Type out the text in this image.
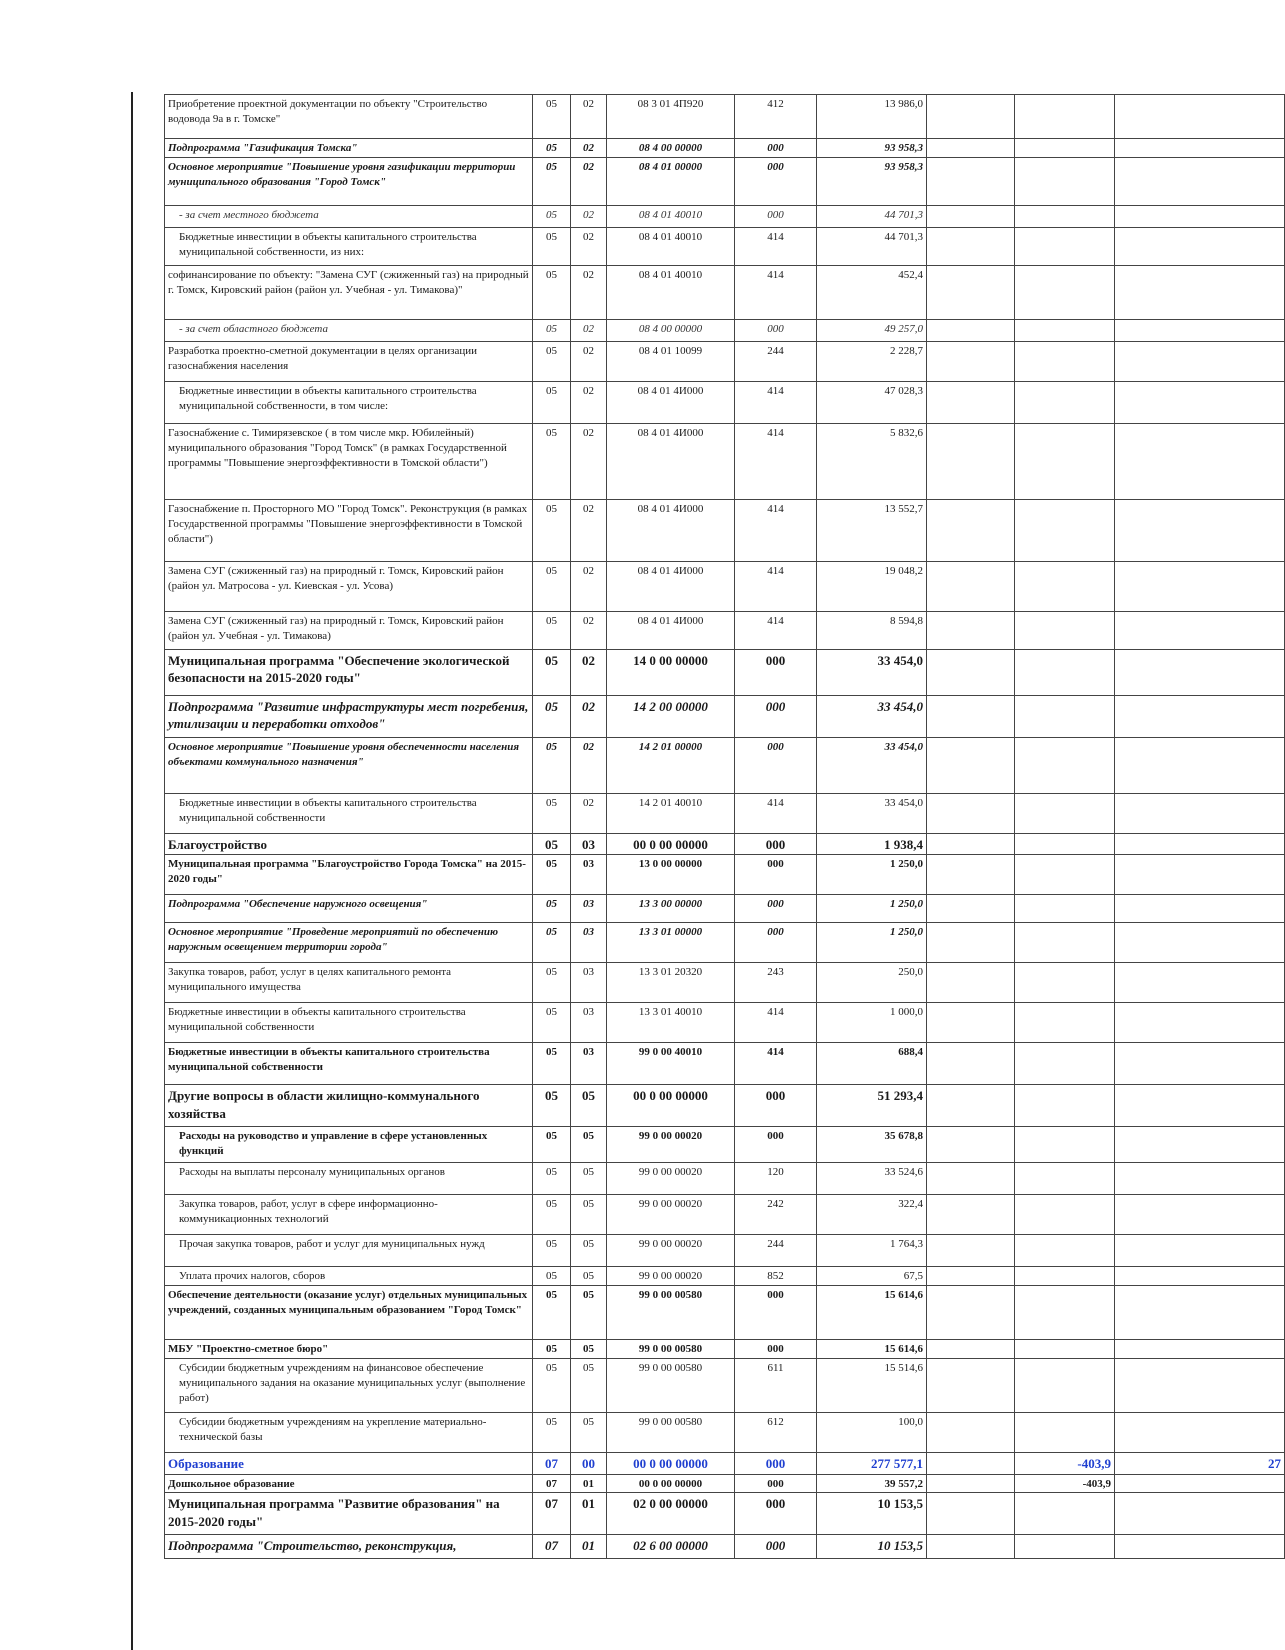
Приобретение проектной документации по объекту "Строительство водовода 9а в г. Томске"	05	02	08 3 01 4П920	412	13 986,0			
Подпрограмма "Газификация Томска"	05	02	08 4 00 00000	000	93 958,3			
Основное мероприятие "Повышение уровня газификации территории муниципального образования "Город Томск"	05	02	08 4 01 00000	000	93 958,3			
- за счет местного бюджета	05	02	08 4 01 40010	000	44 701,3			
Бюджетные инвестиции в объекты капитального строительства муниципальной собственности, из них:	05	02	08 4 01 40010	414	44 701,3			
софинансирование по объекту: "Замена СУГ (сжиженный газ) на природный г. Томск, Кировский район (район ул. Учебная - ул. Тимакова)"	05	02	08 4 01 40010	414	452,4			
- за счет областного бюджета	05	02	08 4 00 00000	000	49 257,0			
Разработка проектно-сметной документации в целях организации газоснабжения населения	05	02	08 4 01 10099	244	2 228,7			
Бюджетные инвестиции в объекты капитального строительства муниципальной собственности, в том числе:	05	02	08 4 01 4И000	414	47 028,3			
Газоснабжение с. Тимирязевское ( в том числе мкр. Юбилейный) муниципального образования "Город Томск" (в рамках Государственной программы "Повышение энергоэффективности в Томской области")	05	02	08 4 01 4И000	414	5 832,6			
Газоснабжение п. Просторного МО "Город Томск". Реконструкция (в рамках Государственной программы "Повышение энергоэффективности в Томской области")	05	02	08 4 01 4И000	414	13 552,7			
Замена СУГ (сжиженный газ) на природный г. Томск, Кировский район (район ул. Матросова - ул. Киевская - ул. Усова)	05	02	08 4 01 4И000	414	19 048,2			
Замена СУГ (сжиженный газ) на природный г. Томск, Кировский район (район ул. Учебная - ул. Тимакова)	05	02	08 4 01 4И000	414	8 594,8			
Муниципальная программа "Обеспечение экологической безопасности на 2015-2020 годы"	05	02	14 0 00 00000	000	33 454,0			
Подпрограмма "Развитие инфраструктуры мест погребения, утилизации и переработки отходов"	05	02	14 2 00 00000	000	33 454,0			
Основное мероприятие "Повышение уровня обеспеченности населения объектами коммунального назначения"	05	02	14 2 01 00000	000	33 454,0			
Бюджетные инвестиции в объекты капитального строительства муниципальной собственности	05	02	14 2 01 40010	414	33 454,0			
Благоустройство	05	03	00 0 00 00000	000	1 938,4			
Муниципальная программа "Благоустройство Города Томска" на 2015-2020 годы"	05	03	13 0 00 00000	000	1 250,0			
Подпрограмма "Обеспечение наружного освещения"	05	03	13 3 00 00000	000	1 250,0			
Основное мероприятие "Проведение мероприятий по обеспечению наружным освещением территории города"	05	03	13 3 01 00000	000	1 250,0			
Закупка товаров, работ, услуг в целях капитального ремонта муниципального имущества	05	03	13 3 01 20320	243	250,0			
Бюджетные инвестиции в объекты капитального строительства муниципальной собственности	05	03	13 3 01 40010	414	1 000,0			
Бюджетные инвестиции в объекты капитального строительства муниципальной собственности	05	03	99 0 00 40010	414	688,4			
Другие вопросы в области жилищно-коммунального хозяйства	05	05	00 0 00 00000	000	51 293,4			
Расходы на руководство и управление в сфере установленных функций	05	05	99 0 00 00020	000	35 678,8			
Расходы на выплаты персоналу муниципальных органов	05	05	99 0 00 00020	120	33 524,6			
Закупка товаров, работ, услуг в сфере информационно-коммуникационных технологий	05	05	99 0 00 00020	242	322,4			
Прочая закупка товаров, работ и услуг для муниципальных нужд	05	05	99 0 00 00020	244	1 764,3			
Уплата прочих налогов, сборов	05	05	99 0 00 00020	852	67,5			
Обеспечение деятельности (оказание услуг) отдельных муниципальных учреждений, созданных муниципальным образованием "Город Томск"	05	05	99 0 00 00580	000	15 614,6			
МБУ "Проектно-сметное бюро"	05	05	99 0 00 00580	000	15 614,6			
Субсидии бюджетным учреждениям на финансовое обеспечение муниципального задания на оказание муниципальных услуг (выполнение работ)	05	05	99 0 00 00580	611	15 514,6			
Субсидии бюджетным учреждениям на укрепление материально-технической базы	05	05	99 0 00 00580	612	100,0			
Образование	07	00	00 0 00 00000	000	277 577,1		-403,9	27
Дошкольное образование	07	01	00 0 00 00000	000	39 557,2		-403,9	
Муниципальная программа "Развитие образования" на 2015-2020 годы"	07	01	02 0 00 00000	000	10 153,5			
Подпрограмма "Строительство, реконструкция,	07	01	02 6 00 00000	000	10 153,5			
